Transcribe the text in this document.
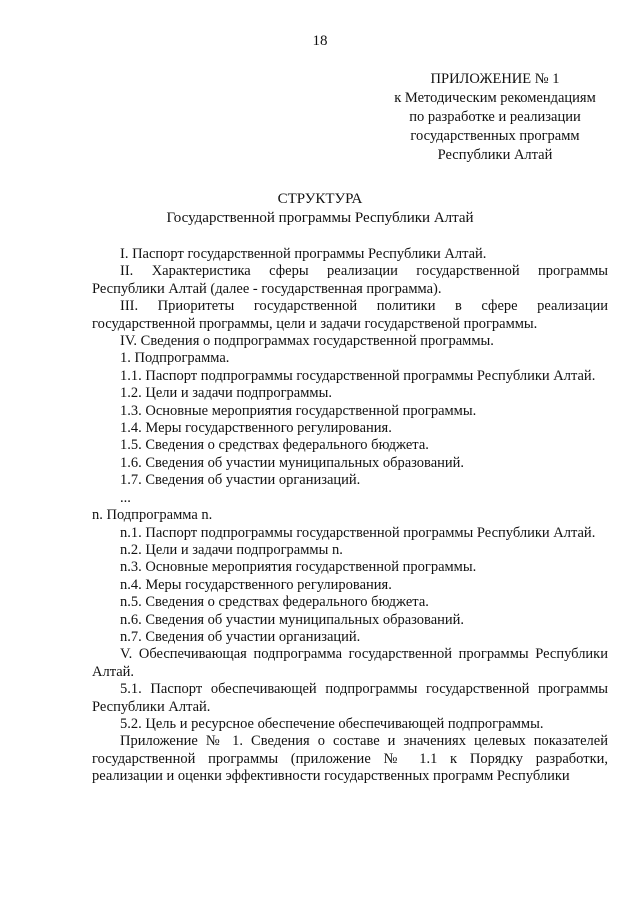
18
ПРИЛОЖЕНИЕ № 1
к Методическим рекомендациям
по разработке и реализации
государственных программ
Республики Алтай
СТРУКТУРА
Государственной программы Республики Алтай

I. Паспорт государственной программы Республики Алтай.

II. Характеристика сферы реализации государственной программы Республики Алтай (далее - государственная программа).

III. Приоритеты государственной политики в сфере реализации государственной программы, цели и задачи государственой программы.

IV. Сведения о подпрограммах государственной программы.

1. Подпрограмма.

1.1. Паспорт подпрограммы государственной программы Республики Алтай.

1.2. Цели и задачи подпрограммы.

1.3. Основные мероприятия государственной программы.

1.4. Меры государственного регулирования.

1.5. Сведения о средствах федерального бюджета.

1.6. Сведения об участии муниципальных образований.

1.7. Сведения об участии организаций.

...

n. Подпрограмма n.

n.1. Паспорт подпрограммы государственной программы Республики Алтай.

n.2. Цели и задачи подпрограммы n.

n.3. Основные мероприятия государственной программы.

n.4. Меры государственного регулирования.

n.5. Сведения о средствах федерального бюджета.

n.6. Сведения об участии муниципальных образований.

n.7. Сведения об участии организаций.

V. Обеспечивающая подпрограмма государственной программы Республики Алтай.

5.1. Паспорт обеспечивающей подпрограммы государственной программы Республики Алтай.

5.2. Цель и ресурсное обеспечение обеспечивающей подпрограммы.

Приложение № 1. Сведения о составе и значениях целевых показателей государственной программы (приложение № 1.1 к Порядку разработки, реализации и оценки эффективности государственных программ Республики
